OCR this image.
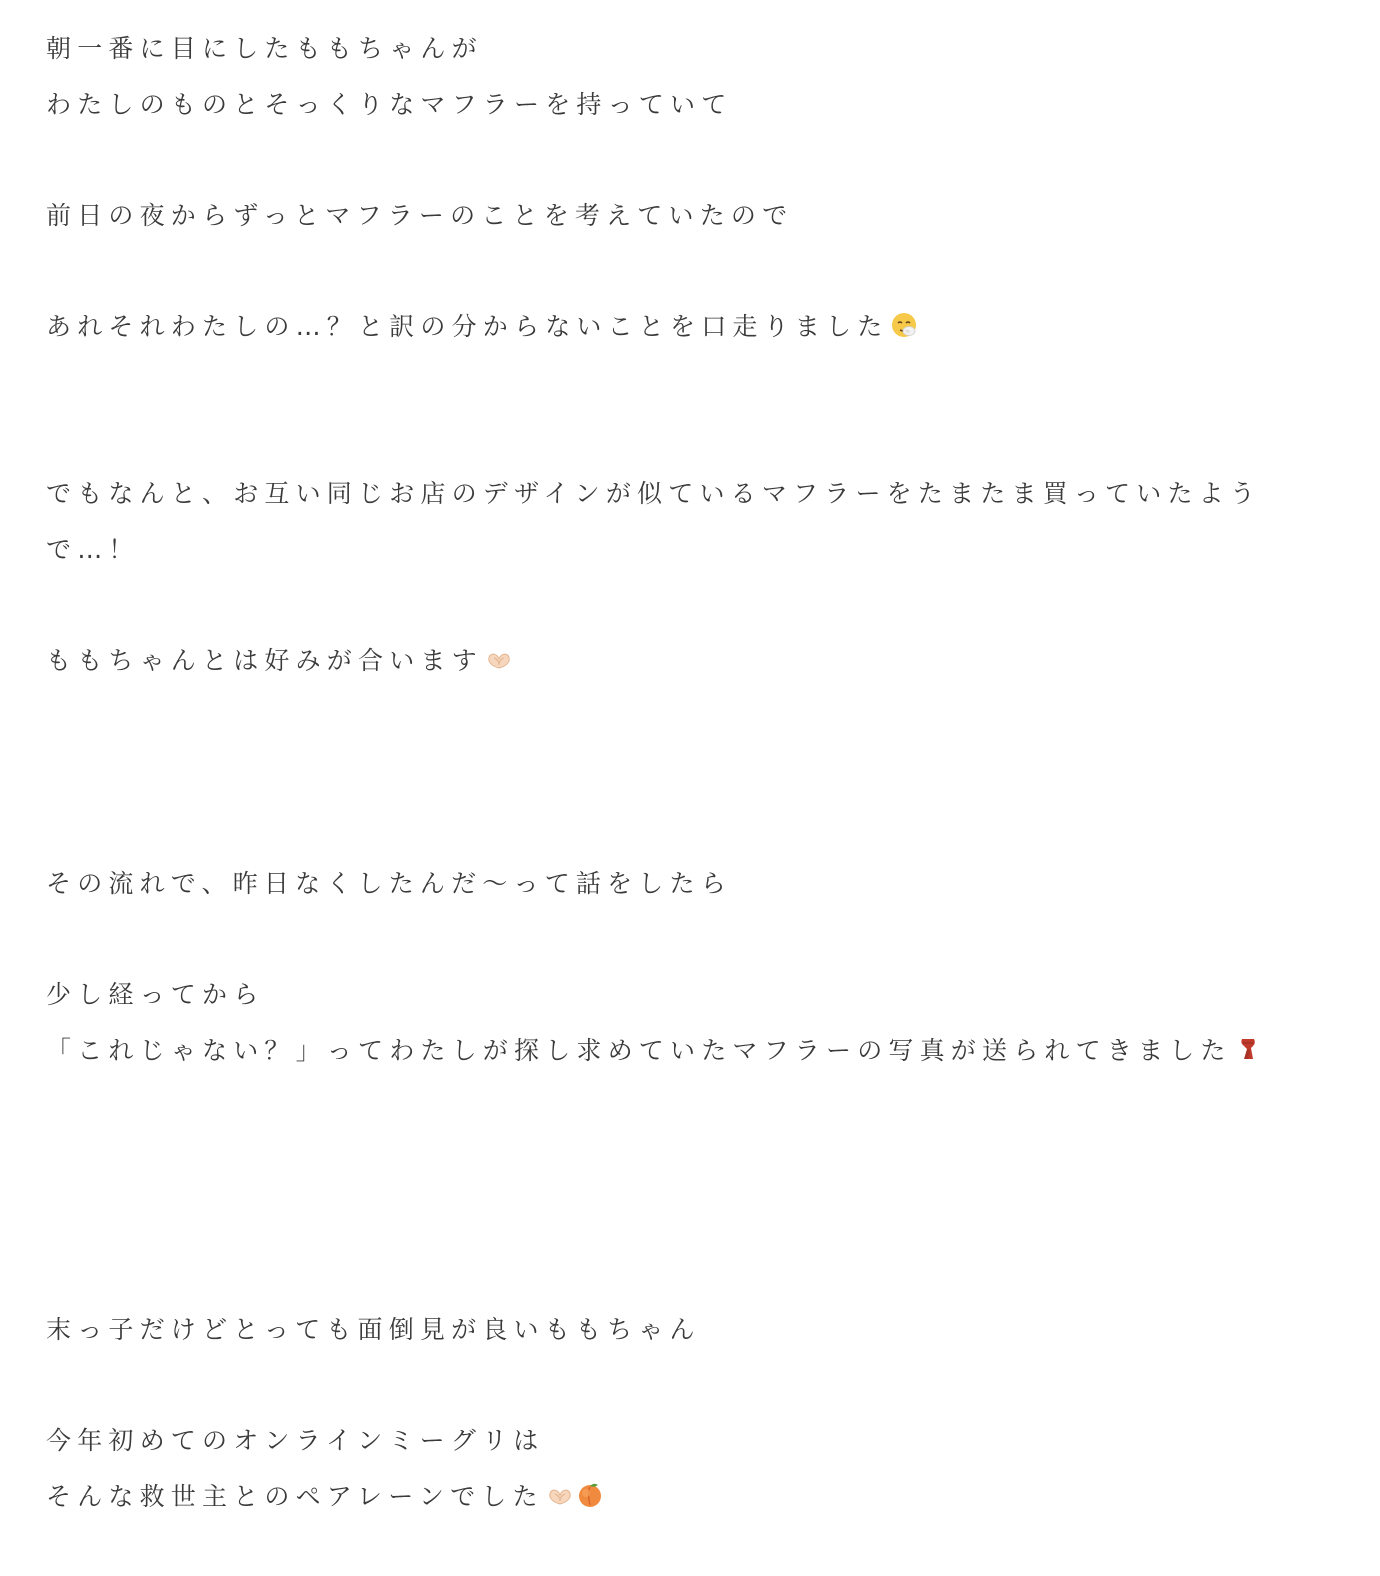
朝一番に目にしたももちゃんが
わたしのものとそっくりなマフラーを持っていて
前日の夜からずっとマフラーのことを考えていたので
あれそれわたしの…？と訳の分からないことを口走りました
でもなんと、お互い同じお店のデザインが似ているマフラーをたまたま買っていたよう
で…！
ももちゃんとは好みが合います
その流れで、昨日なくしたんだ〜って話をしたら
少し経ってから
「これじゃない？」ってわたしが探し求めていたマフラーの写真が送られてきました
末っ子だけどとっても面倒見が良いももちゃん
今年初めてのオンラインミーグリは
そんな救世主とのペアレーンでした
